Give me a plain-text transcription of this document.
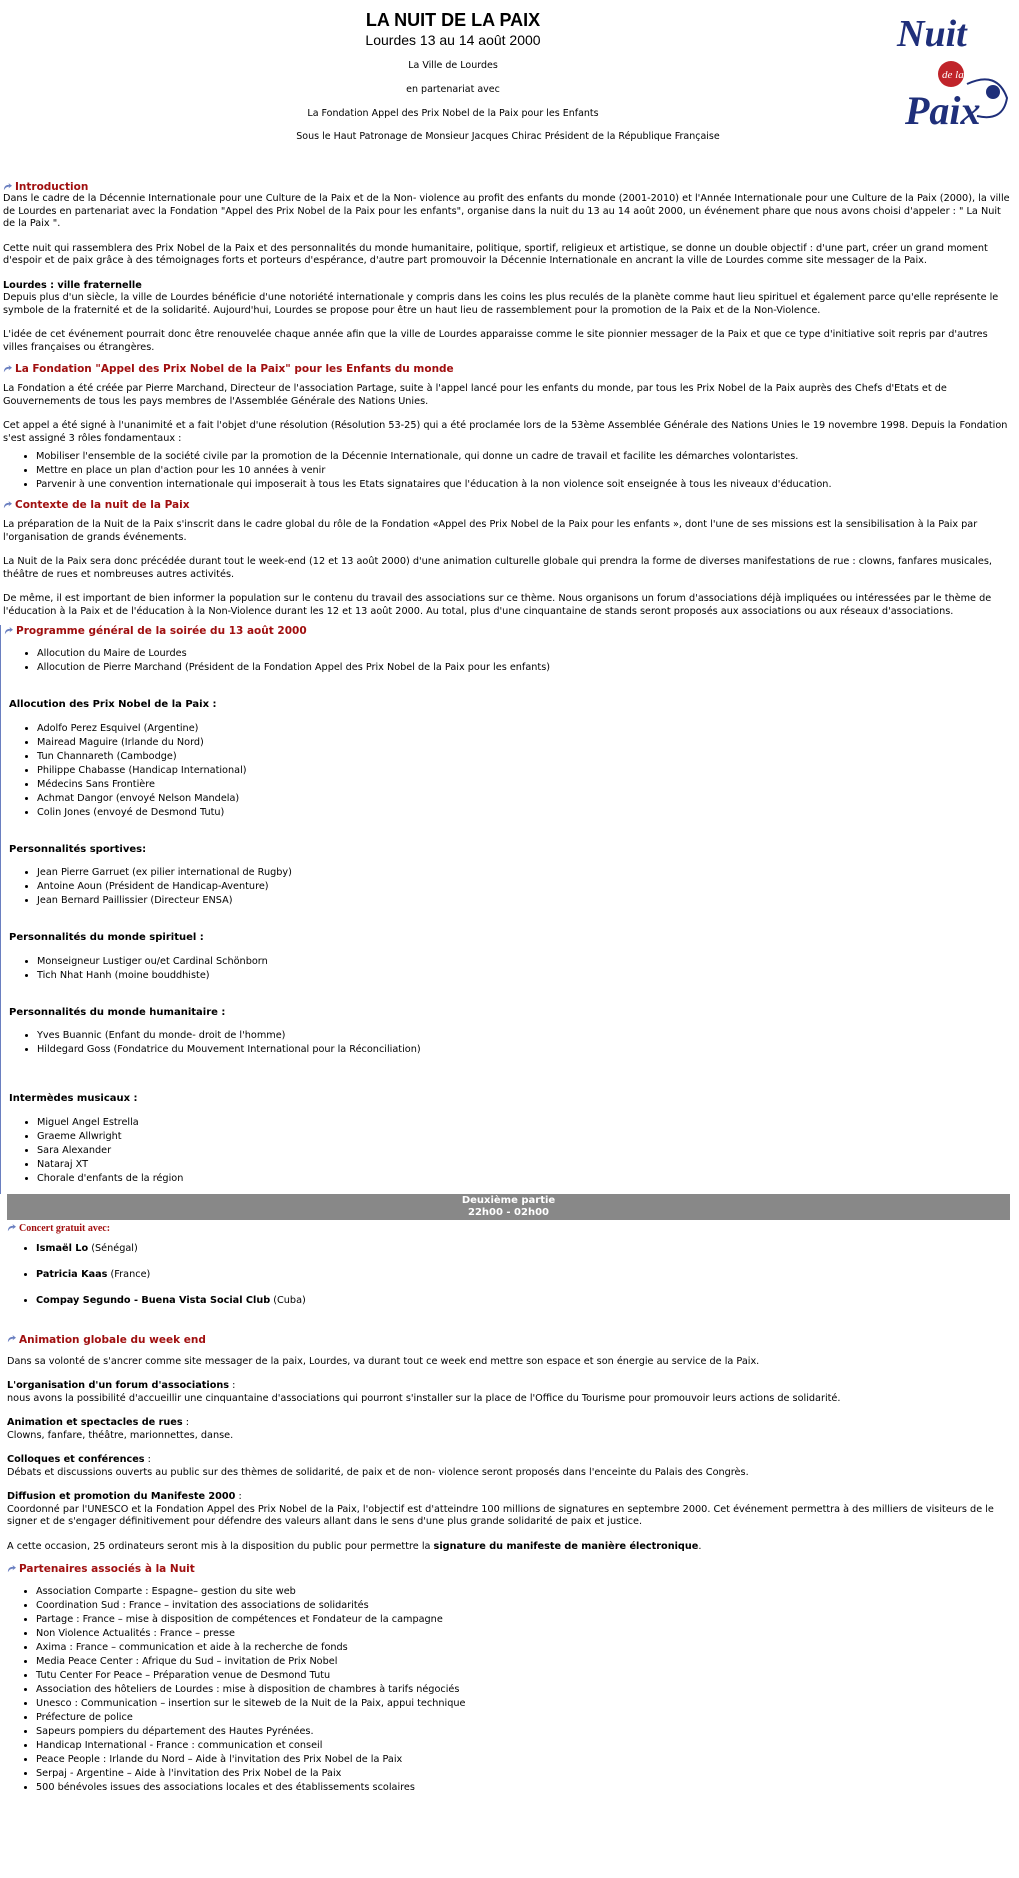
LA NUIT DE LA PAIX
Lourdes 13 au 14 août 2000
La Ville de Lourdes
en partenariat avec
La Fondation Appel des Prix Nobel de la Paix pour les Enfants
Sous le Haut Patronage de Monsieur Jacques Chirac Président de la République Française
Nuit
de la
Paix
Introduction

Dans le cadre de la Décennie Internationale pour une Culture de la Paix et de la Non- violence au profit des enfants du monde (2001-2010) et l'Année Internationale pour une Culture de la Paix (2000), la ville de Lourdes en partenariat avec la Fondation "Appel des Prix Nobel de la Paix pour les enfants", organise dans la nuit du 13 au 14 août 2000, un événement phare que nous avons choisi d'appeler : " La Nuit de la Paix ".

Cette nuit qui rassemblera des Prix Nobel de la Paix et des personnalités du monde humanitaire, politique, sportif, religieux et artistique, se donne un double objectif : d'une part, créer un grand moment d'espoir et de paix grâce à des témoignages forts et porteurs d'espérance, d'autre part promouvoir la Décennie Internationale en ancrant la ville de Lourdes comme site messager de la Paix.

Lourdes : ville fraternelle

Depuis plus d'un siècle, la ville de Lourdes bénéficie d'une notoriété internationale y compris dans les coins les plus reculés de la planète comme haut lieu spirituel et également parce qu'elle représente le symbole de la fraternité et de la solidarité. Aujourd'hui, Lourdes se propose pour être un haut lieu de rassemblement pour la promotion de la Paix et de la Non-Violence.

L'idée de cet événement pourrait donc être renouvelée chaque année afin que la ville de Lourdes apparaisse comme le site pionnier messager de la Paix et que ce type d'initiative soit repris par d'autres villes françaises ou étrangères.

La Fondation "Appel des Prix Nobel de la Paix" pour les Enfants du monde

La Fondation a été créée par Pierre Marchand, Directeur de l'association Partage, suite à l'appel lancé pour les enfants du monde, par tous les Prix Nobel de la Paix auprès des Chefs d'Etats et de Gouvernements de tous les pays membres de l'Assemblée Générale des Nations Unies.

Cet appel a été signé à l'unanimité et a fait l'objet d'une résolution (Résolution 53-25) qui a été proclamée lors de la 53ème Assemblée Générale des Nations Unies le 19 novembre 1998. Depuis la Fondation s'est assigné 3 rôles fondamentaux :

• Mobiliser l'ensemble de la société civile par la promotion de la Décennie Internationale, qui donne un cadre de travail et facilite les démarches volontaristes.
• Mettre en place un plan d'action pour les 10 années à venir
• Parvenir à une convention internationale qui imposerait à tous les Etats signataires que l'éducation à la non violence soit enseignée à tous les niveaux d'éducation.
Contexte de la nuit de la Paix

La préparation de la Nuit de la Paix s'inscrit dans le cadre global du rôle de la Fondation «Appel des Prix Nobel de la Paix pour les enfants », dont l'une de ses missions est la sensibilisation à la Paix par l'organisation de grands événements.

La Nuit de la Paix sera donc précédée durant tout le week-end (12 et 13 août 2000) d'une animation culturelle globale qui prendra la forme de diverses manifestations de rue : clowns, fanfares musicales, théâtre de rues et nombreuses autres activités.

De même, il est important de bien informer la population sur le contenu du travail des associations sur ce thème. Nous organisons un forum d'associations déjà impliquées ou intéressées par le thème de l'éducation à la Paix et de l'éducation à la Non-Violence durant les 12 et 13 août 2000. Au total, plus d'une cinquantaine de stands seront proposés aux associations ou aux réseaux d'associations.

Programme général de la soirée du 13 août 2000
• Allocution du Maire de Lourdes
• Allocution de Pierre Marchand (Président de la Fondation Appel des Prix Nobel de la Paix pour les enfants)

Allocution des Prix Nobel de la Paix :

• Adolfo Perez Esquivel (Argentine)
• Mairead Maguire (Irlande du Nord)
• Tun Channareth (Cambodge)
• Philippe Chabasse (Handicap International)
• Médecins Sans Frontière
• Achmat Dangor (envoyé Nelson Mandela)
• Colin Jones (envoyé de Desmond Tutu)

Personnalités sportives:

• Jean Pierre Garruet (ex pilier international de Rugby)
• Antoine Aoun (Président de Handicap-Aventure)
• Jean Bernard Paillissier (Directeur ENSA)

Personnalités du monde spirituel :

• Monseigneur Lustiger ou/et Cardinal Schönborn
• Tich Nhat Hanh (moine bouddhiste)

Personnalités du monde humanitaire :

• Yves Buannic (Enfant du monde- droit de l'homme)
• Hildegard Goss (Fondatrice du Mouvement International pour la Réconciliation)

Intermèdes musicaux :

• Miguel Angel Estrella
• Graeme Allwright
• Sara Alexander
• Nataraj XT
• Chorale d'enfants de la région
Deuxième partie
22h00 - 02h00
Concert gratuit avec:
• Ismaël Lo (Sénégal)
• Patricia Kaas (France)
• Compay Segundo - Buena Vista Social Club (Cuba)
Animation globale du week end

Dans sa volonté de s'ancrer comme site messager de la paix, Lourdes, va durant tout ce week end mettre son espace et son énergie au service de la Paix.

L'organisation d'un forum d'associations :

nous avons la possibilité d'accueillir une cinquantaine d'associations qui pourront s'installer sur la place de l'Office du Tourisme pour promouvoir leurs actions de solidarité.

Animation et spectacles de rues :

Clowns, fanfare, théâtre, marionnettes, danse.

Colloques et conférences :

Débats et discussions ouverts au public sur des thèmes de solidarité, de paix et de non- violence seront proposés dans l'enceinte du Palais des Congrès.

Diffusion et promotion du Manifeste 2000 :

Coordonné par l'UNESCO et la Fondation Appel des Prix Nobel de la Paix, l'objectif est d'atteindre 100 millions de signatures en septembre 2000. Cet événement permettra à des milliers de visiteurs de le signer et de s'engager définitivement pour défendre des valeurs allant dans le sens d'une plus grande solidarité de paix et justice.

A cette occasion, 25 ordinateurs seront mis à la disposition du public pour permettre la signature du manifeste de manière électronique.

Partenaires associés à la Nuit
• Association Comparte : Espagne– gestion du site web
• Coordination Sud : France – invitation des associations de solidarités
• Partage : France – mise à disposition de compétences et Fondateur de la campagne
• Non Violence Actualités : France – presse
• Axima : France – communication et aide à la recherche de fonds
• Media Peace Center : Afrique du Sud – invitation de Prix Nobel
• Tutu Center For Peace – Préparation venue de Desmond Tutu
• Association des hôteliers de Lourdes : mise à disposition de chambres à tarifs négociés
• Unesco : Communication – insertion sur le siteweb de la Nuit de la Paix, appui technique
• Préfecture de police
• Sapeurs pompiers du département des Hautes Pyrénées.
• Handicap International - France : communication et conseil
• Peace People : Irlande du Nord – Aide à l'invitation des Prix Nobel de la Paix
• Serpaj - Argentine – Aide à l'invitation des Prix Nobel de la Paix
• 500 bénévoles issues des associations locales et des établissements scolaires
